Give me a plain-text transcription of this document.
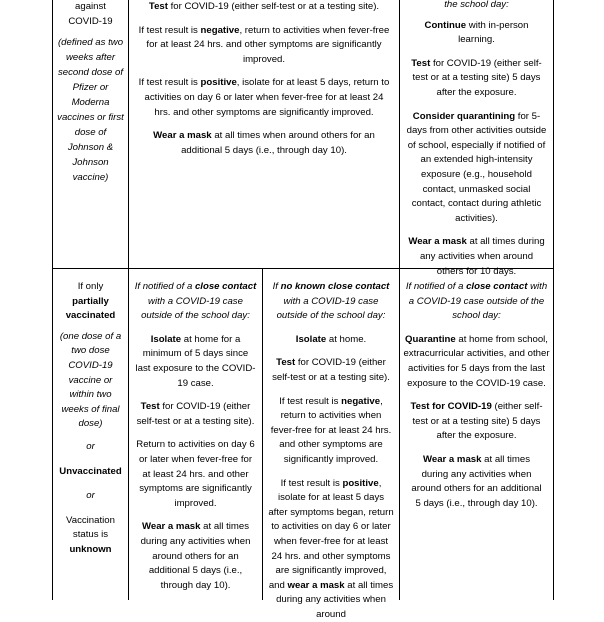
against
COVID-19
(defined as two weeks after second dose of Pfizer or Moderna vaccines or first dose of Johnson & Johnson vaccine)

Test for COVID-19 (either self-test or at a testing site).

If test result is negative, return to activities when fever-free for at least 24 hrs. and other symptoms are significantly improved.

If test result is positive, isolate for at least 5 days, return to activities on day 6 or later when fever-free for at least 24 hrs. and other symptoms are significantly improved.

Wear a mask at all times when around others for an additional 5 days (i.e., through day 10).

the school day:

Continue with in-person learning.

Test for COVID-19 (either self-test or at a testing site) 5 days after the exposure.

Consider quarantining for 5-days from other activities outside of school, especially if notified of an extended high-intensity exposure (e.g., household contact, unmasked social contact, contact during athletic activities).

Wear a mask at all times during any activities when around others for 10 days.

If only
partially
vaccinated
(one dose of a two dose COVID-19 vaccine or within two weeks of final dose)
or
Unvaccinated
or
Vaccination status is
unknown

If notified of a close contact with a COVID-19 case outside of the school day:

Isolate at home for a minimum of 5 days since last exposure to the COVID-19 case.

Test for COVID-19 (either self-test or at a testing site).

Return to activities on day 6 or later when fever-free for at least 24 hrs. and other symptoms are significantly improved.

Wear a mask at all times during any activities when around others for an additional 5 days (i.e., through day 10).

If no known close contact with a COVID-19 case outside of the school day:

Isolate at home.

Test for COVID-19 (either self-test or at a testing site).

If test result is negative, return to activities when fever-free for at least 24 hrs. and other symptoms are significantly improved.

If test result is positive, isolate for at least 5 days after symptoms began, return to activities on day 6 or later when fever-free for at least 24 hrs. and other symptoms are significantly improved, and wear a mask at all times during any activities when around

If notified of a close contact with a COVID-19 case outside of the school day:

Quarantine at home from school, extracurricular activities, and other activities for 5 days from the last exposure to the COVID-19 case.

Test for COVID-19 (either self-test or at a testing site) 5 days after the exposure.

Wear a mask at all times during any activities when around others for an additional 5 days (i.e., through day 10).
